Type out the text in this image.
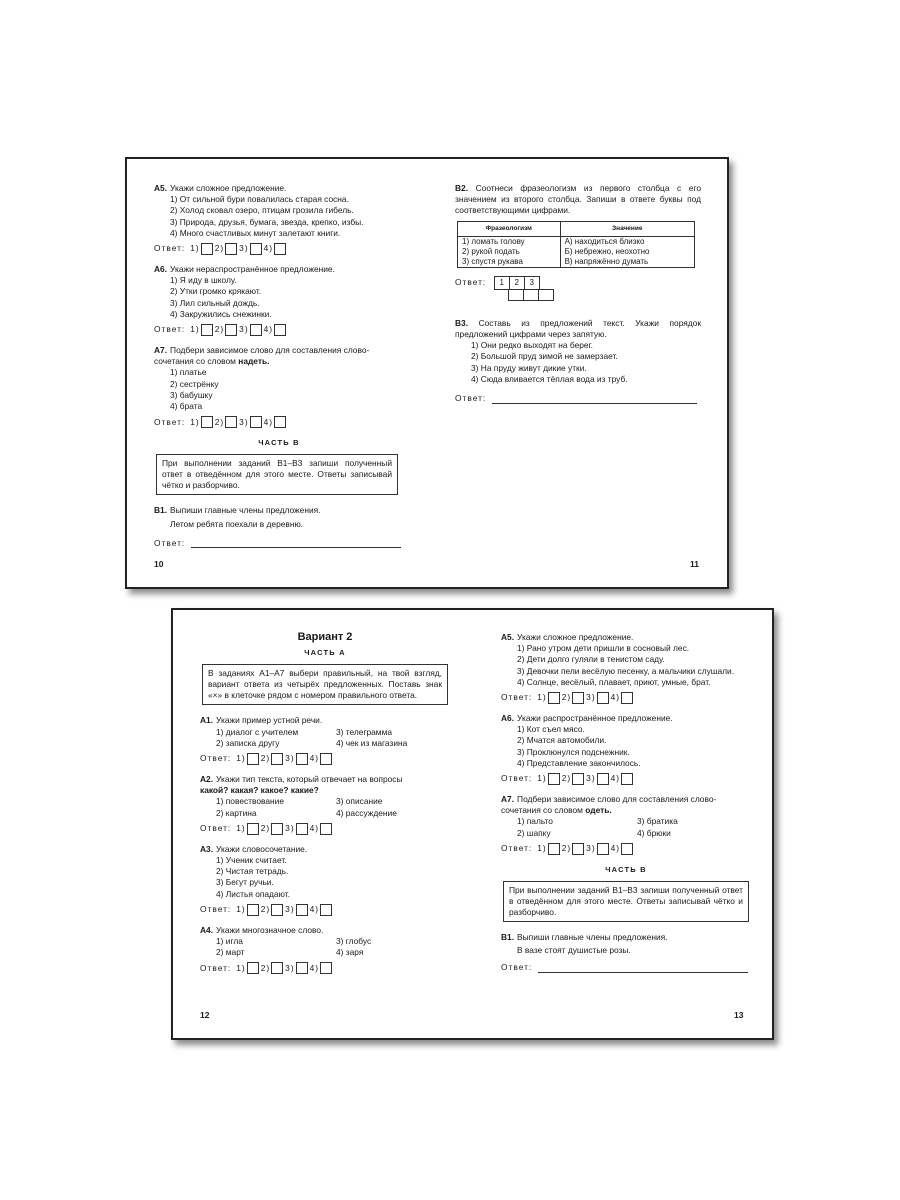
А5. Укажи сложное предложение.
1) От сильной бури повалилась старая сосна.
2) Холод сковал озеро, птицам грозила гибель.
3) Природа, друзья, бумага, звезда, крепко, избы.
4) Много счастливых минут залетают книги.
Ответ: 1) 2) 3) 4)
А6. Укажи нераспространённое предложение.
1) Я иду в школу.
2) Утки громко крякают.
3) Лил сильный дождь.
4) Закружились снежинки.
Ответ: 1) 2) 3) 4)
А7. Подбери зависимое слово для составления слово-
сочетания со словом надеть.
1) платье
2) сестрёнку
3) бабушку
4) брата
Ответ: 1) 2) 3) 4)
ЧАСТЬ В
При выполнении заданий В1–В3 запиши полученный ответ в отведённом для этого месте. Ответы записывай чётко и разборчиво.
В1. Выпиши главные члены предложения.
Летом ребята поехали в деревню.
Ответ:
10
В2. Соотнеси фразеологизм из первого столбца с его значением из второго столбца. Запиши в ответе буквы под соответствующими цифрами.
Фразеологизм	Значение
1) ломать голову	А) находиться близко
2) рукой подать	Б) небрежно, неохотно
3) спустя рукава	В) напряжённо думать
Ответ:	1	2	3
В3. Составь из предложений текст. Укажи порядок предложений цифрами через запятую.
1) Они редко выходят на берег.
2) Большой пруд зимой не замерзает.
3) На пруду живут дикие утки.
4) Сюда вливается тёплая вода из труб.
Ответ:
11
Вариант 2
ЧАСТЬ А
В заданиях А1–А7 выбери правильный, на твой взгляд, вариант ответа из четырёх предложенных. Поставь знак «×» в клеточке рядом с номером правильного ответа.
А1. Укажи пример устной речи.
1) диалог с учителем	3) телеграмма
2) записка другу	4) чек из магазина
Ответ: 1) 2) 3) 4)
А2. Укажи тип текста, который отвечает на вопросы
какой? какая? какое? какие?
1) повествование	3) описание
2) картина	4) рассуждение
Ответ: 1) 2) 3) 4)
А3. Укажи словосочетание.
1) Ученик считает.
2) Чистая тетрадь.
3) Бегут ручьи.
4) Листья опадают.
Ответ: 1) 2) 3) 4)
А4. Укажи многозначное слово.
1) игла	3) глобус
2) март	4) заря
Ответ: 1) 2) 3) 4)
12
А5. Укажи сложное предложение.
1) Рано утром дети пришли в сосновый лес.
2) Дети долго гуляли в тенистом саду.
3) Девочки пели весёлую песенку, а мальчики слушали.
4) Солнце, весёлый, плавает, приют, умные, брат.
Ответ: 1) 2) 3) 4)
А6. Укажи распространённое предложение.
1) Кот съел мясо.
2) Мчатся автомобили.
3) Проклюнулся подснежник.
4) Представление закончилось.
Ответ: 1) 2) 3) 4)
А7. Подбери зависимое слово для составления слово-
сочетания со словом одеть.
1) пальто	3) братика
2) шапку	4) брюки
Ответ: 1) 2) 3) 4)
ЧАСТЬ В
При выполнении заданий В1–В3 запиши полученный ответ в отведённом для этого месте. Ответы записывай чётко и разборчиво.
В1. Выпиши главные члены предложения.
В вазе стоят душистые розы.
Ответ:
13
